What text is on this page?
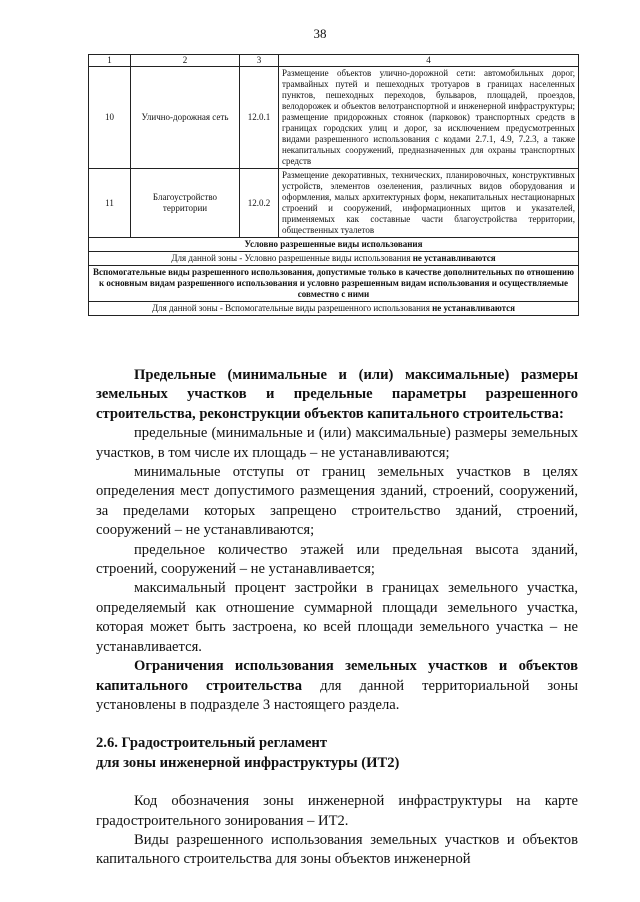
38
1	2	3	4
10	Улично-дорожная сеть	12.0.1	Размещение объектов улично-дорожной сети: автомобильных дорог, трамвайных путей и пешеходных тротуаров в границах населенных пунктов, пешеходных переходов, бульваров, площадей, проездов, велодорожек и объектов велотранспортной и инженерной инфраструктуры; размещение придорожных стоянок (парковок) транспортных средств в границах городских улиц и дорог, за исключением предусмотренных видами разрешенного использования с кодами 2.7.1, 4.9, 7.2.3, а также некапитальных сооружений, предназначенных для охраны транспортных средств
11	Благоустройство территории	12.0.2	Размещение декоративных, технических, планировочных, конструктивных устройств, элементов озеленения, различных видов оборудования и оформления, малых архитектурных форм, некапитальных нестационарных строений и сооружений, информационных щитов и указателей, применяемых как составные части благоустройства территории, общественных туалетов
Условно разрешенные виды использования			
Для данной зоны - Условно разрешенные виды использования не устанавливаются			
Вспомогательные виды разрешенного использования, допустимые только в качестве дополнительных по отношению к основным видам разрешенного использования и условно разрешенным видам использования и осуществляемые совместно с ними			
Для данной зоны - Вспомогательные виды разрешенного использования не устанавливаются			

Предельные (минимальные и (или) максимальные) размеры земельных участков и предельные параметры разрешенного строительства, реконструкции объектов капитального строительства:

предельные (минимальные и (или) максимальные) размеры земельных участков, в том числе их площадь – не устанавливаются;

минимальные отступы от границ земельных участков в целях определения мест допустимого размещения зданий, строений, сооружений, за пределами которых запрещено строительство зданий, строений, сооружений – не устанавливаются;

предельное количество этажей или предельная высота зданий, строений, сооружений – не устанавливается;

максимальный процент застройки в границах земельного участка, определяемый как отношение суммарной площади земельного участка, которая может быть застроена, ко всей площади земельного участка – не устанавливается.

Ограничения использования земельных участков и объектов капитального строительства для данной территориальной зоны установлены в подразделе 3 настоящего раздела.

2.6. Градостроительный регламент
для зоны инженерной инфраструктуры (ИТ2)

Код обозначения зоны инженерной инфраструктуры на карте градостроительного зонирования – ИТ2.

Виды разрешенного использования земельных участков и объектов капитального строительства для зоны объектов инженерной
